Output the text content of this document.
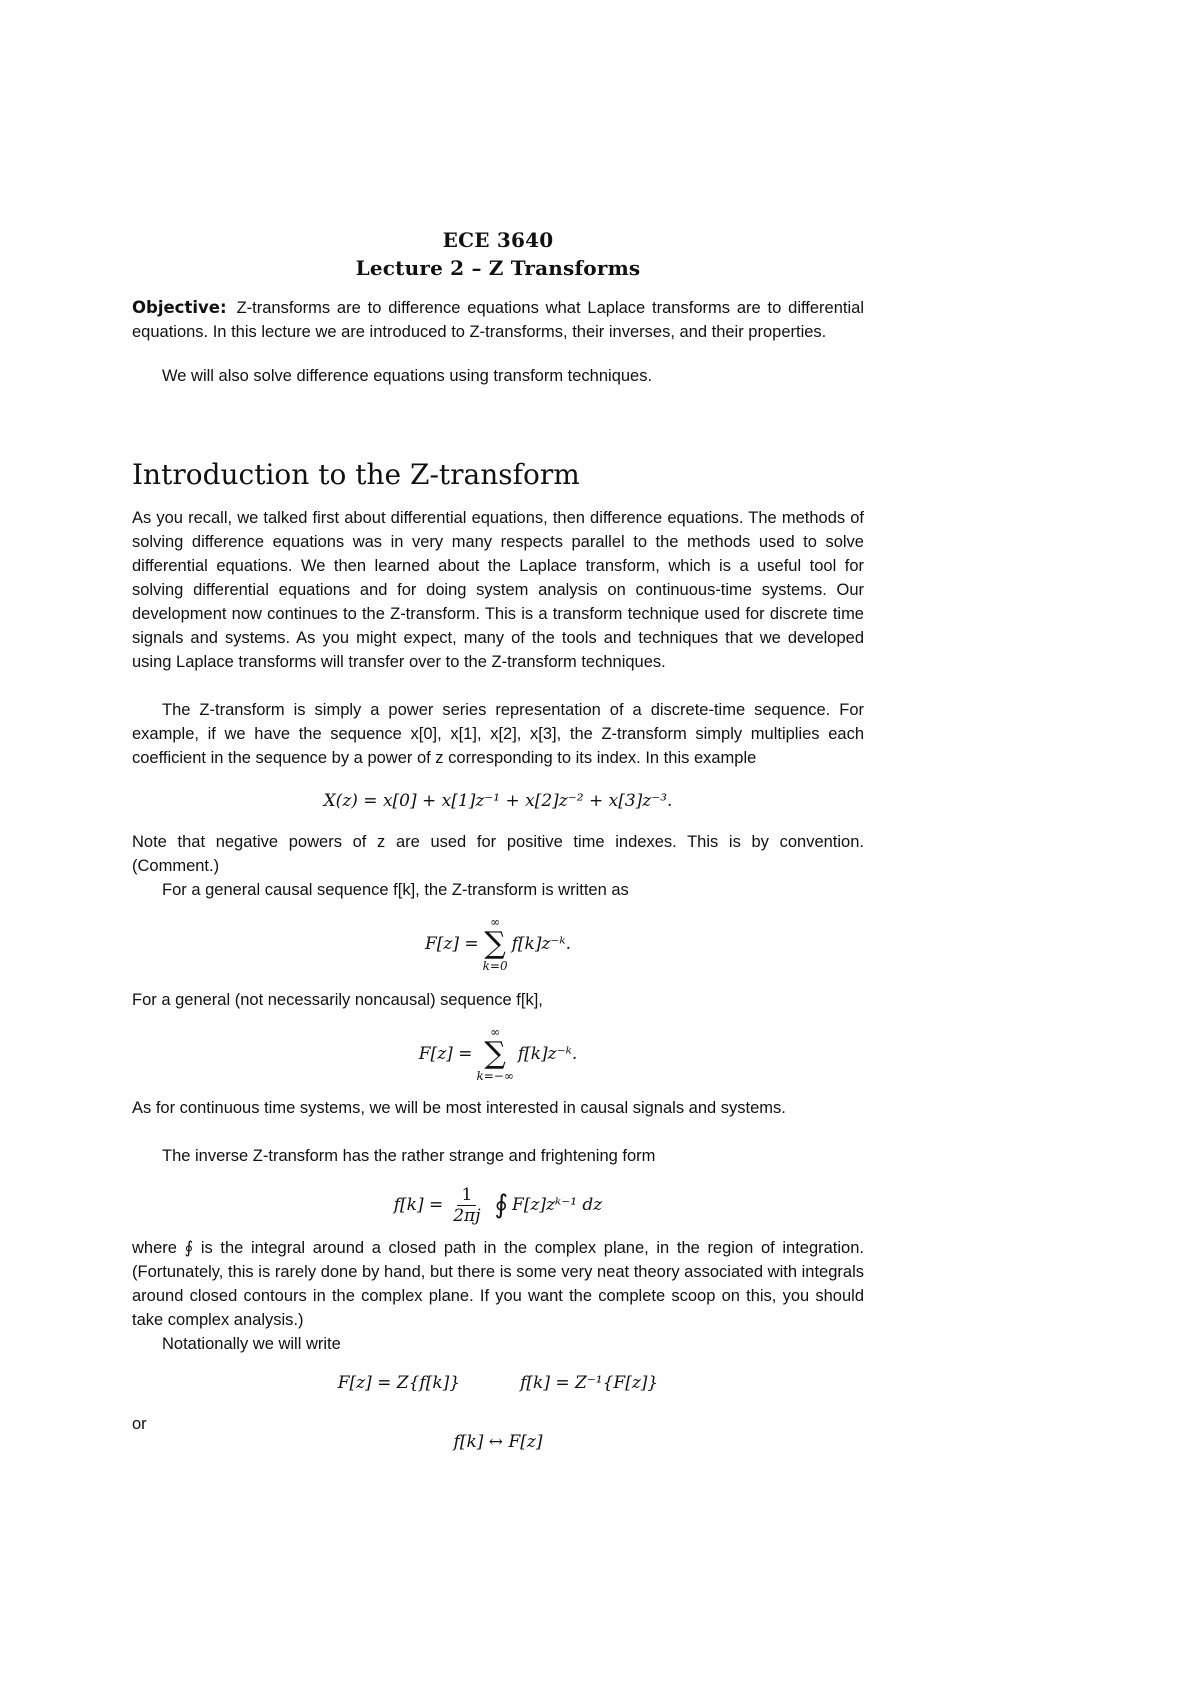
ECE 3640
Lecture 2 – Z Transforms

Objective: Z-transforms are to difference equations what Laplace transforms are to differential equations. In this lecture we are introduced to Z-transforms, their inverses, and their properties.

We will also solve difference equations using transform techniques.

Introduction to the Z-transform

As you recall, we talked first about differential equations, then difference equations. The methods of solving difference equations was in very many respects parallel to the methods used to solve differential equations. We then learned about the Laplace transform, which is a useful tool for solving differential equations and for doing system analysis on continuous-time systems. Our development now continues to the Z-transform. This is a transform technique used for discrete time signals and systems. As you might expect, many of the tools and techniques that we developed using Laplace transforms will transfer over to the Z-transform techniques.

The Z-transform is simply a power series representation of a discrete-time sequence. For example, if we have the sequence x[0], x[1], x[2], x[3], the Z-transform simply multiplies each coefficient in the sequence by a power of z corresponding to its index. In this example

X(z) = x[0] + x[1]z⁻¹ + x[2]z⁻² + x[3]z⁻³.

Note that negative powers of z are used for positive time indexes. This is by convention. (Comment.)

For a general causal sequence f[k], the Z-transform is written as

F[z] =
∞
∑
k=0
f[k]z⁻ᵏ.

For a general (not necessarily noncausal) sequence f[k],

F[z] =
∞
∑
k=−∞
f[k]z⁻ᵏ.

As for continuous time systems, we will be most interested in causal signals and systems.

The inverse Z-transform has the rather strange and frightening form

$f[k] = \frac{1}{2\pi j}$ ∮ F[z]zᵏ⁻¹ dz

where ∮ is the integral around a closed path in the complex plane, in the region of integration. (Fortunately, this is rarely done by hand, but there is some very neat theory associated with integrals around closed contours in the complex plane. If you want the complete scoop on this, you should take complex analysis.)

Notationally we will write

F[z] = Z{f[k]}	f[k] = Z⁻¹{F[z]}

or

f[k] ↔ F[z]
